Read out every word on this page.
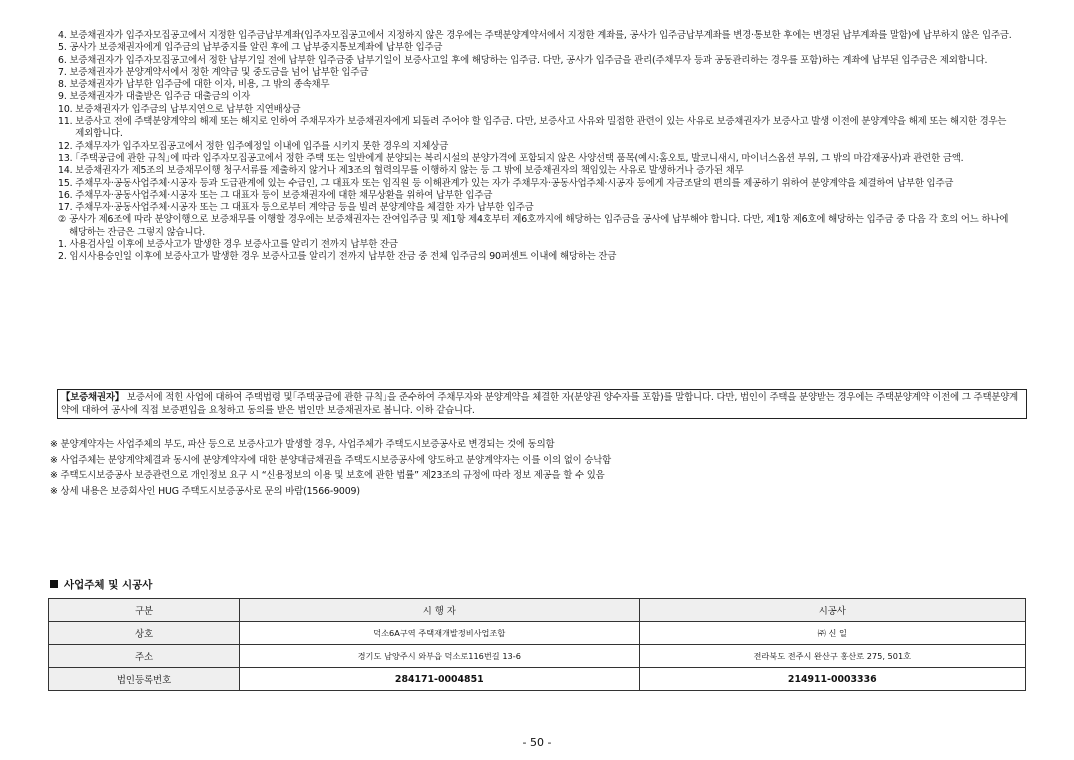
4. 보증채권자가 입주자모집공고에서 지정한 입주금납부계좌(입주자모집공고에서 지정하지 않은 경우에는 주택분양계약서에서 지정한 계좌를, 공사가 입주금납부계좌를 변경·통보한 후에는 변경된 납부계좌를 말함)에 납부하지 않은 입주금.
5. 공사가 보증채권자에게 입주금의 납부중지를 알린 후에 그 납부중지통보계좌에 납부한 입주금
6. 보증채권자가 입주자모집공고에서 정한 납부기일 전에 납부한 입주금중 납부기일이 보증사고일 후에 해당하는 입주금. 다만, 공사가 입주금을 관리(주채무자 등과 공동관리하는 경우를 포함)하는 계좌에 납부된 입주금은 제외합니다.
7. 보증채권자가 분양계약서에서 정한 계약금 및 중도금을 넘어 납부한 입주금
8. 보증채권자가 납부한 입주금에 대한 이자, 비용, 그 밖의 종속채무
9. 보증채권자가 대출받은 입주금 대출금의 이자
10. 보증채권자가 입주금의 납부지연으로 납부한 지연배상금
11. 보증사고 전에 주택분양계약의 해제 또는 해지로 인하여 주채무자가 보증채권자에게 되돌려 주어야 할 입주금. 다만, 보증사고 사유와 밀접한 관련이 있는 사유로 보증채권자가 보증사고 발생 이전에 분양계약을 해제 또는 해지한 경우는 제외합니다.
12. 주채무자가 입주자모집공고에서 정한 입주예정일 이내에 입주를 시키지 못한 경우의 지체상금
13. ｢주택공급에 관한 규칙｣에 따라 입주자모집공고에서 정한 주택 또는 일반에게 분양되는 복리시설의 분양가격에 포함되지 않은 사양선택 품목(예시:홈오토, 발코니새시, 마이너스옵션 부위, 그 밖의 마감재공사)과 관련한 금액.
14. 보증채권자가 제5조의 보증채무이행 청구서류를 제출하지 않거나 제3조의 협력의무를 이행하지 않는 등 그 밖에 보증채권자의 책임있는 사유로 발생하거나 증가된 채무
15. 주채무자·공동사업주체·시공자 등과 도급관계에 있는 수급인, 그 대표자 또는 임직원 등 이해관계가 있는 자가 주채무자·공동사업주체·시공자 등에게 자금조달의 편의를 제공하기 위하여 분양계약을 체결하여 납부한 입주금
16. 주채무자·공동사업주체·시공자 또는 그 대표자 등이 보증채권자에 대한 채무상환을 위하여 납부한 입주금
17. 주채무자·공동사업주체·시공자 또는 그 대표자 등으로부터 계약금 등을 빌려 분양계약을 체결한 자가 납부한 입주금
② 공사가 제6조에 따라 분양이행으로 보증채무를 이행할 경우에는 보증채권자는 잔여입주금 및 제1항 제4호부터 제6호까지에 해당하는 입주금을 공사에 납부해야 합니다. 다만, 제1항 제6호에 해당하는 입주금 중 다음 각 호의 어느 하나에 해당하는 잔금은 그렇지 않습니다.
1. 사용검사일 이후에 보증사고가 발생한 경우 보증사고를 알리기 전까지 납부한 잔금
2. 임시사용승인일 이후에 보증사고가 발생한 경우 보증사고를 알리기 전까지 납부한 잔금 중 전체 입주금의 90퍼센트 이내에 해당하는 잔금
【보증채권자】 보증서에 적힌 사업에 대하여 주택법령 및｢주택공급에 관한 규칙｣을 준수하여 주채무자와 분양계약을 체결한 자(분양권 양수자를 포함)를 말합니다. 다만, 법인이 주택을 분양받는 경우에는 주택분양계약 이전에 그 주택분양계약에 대하여 공사에 직접 보증편입을 요청하고 동의를 받은 법인만 보증채권자로 봅니다. 이하 같습니다.
※ 분양계약자는 사업주체의 부도, 파산 등으로 보증사고가 발생할 경우, 사업주체가 주택도시보증공사로 변경되는 것에 동의함
※ 사업주체는 분양계약체결과 동시에 분양계약자에 대한 분양대금채권을 주택도시보증공사에 양도하고 분양계약자는 이를 이의 없이 승낙함
※ 주택도시보증공사 보증관련으로 개인정보 요구 시 “신용정보의 이용 및 보호에 관한 법률” 제23조의 규정에 따라 정보 제공을 할 수 있음
※ 상세 내용은 보증회사인 HUG 주택도시보증공사로 문의 바람(1566-9009)
사업주체 및 시공사
구분	시 행 자	시공사
상호	덕소6A구역 주택재개발정비사업조합	㈜ 신 일
주소	경기도 남양주시 와부읍 덕소로116번길 13-6	전라북도 전주시 완산구 홍산로 275, 501호
법인등록번호	284171-0004851	214911-0003336
- 50 -
